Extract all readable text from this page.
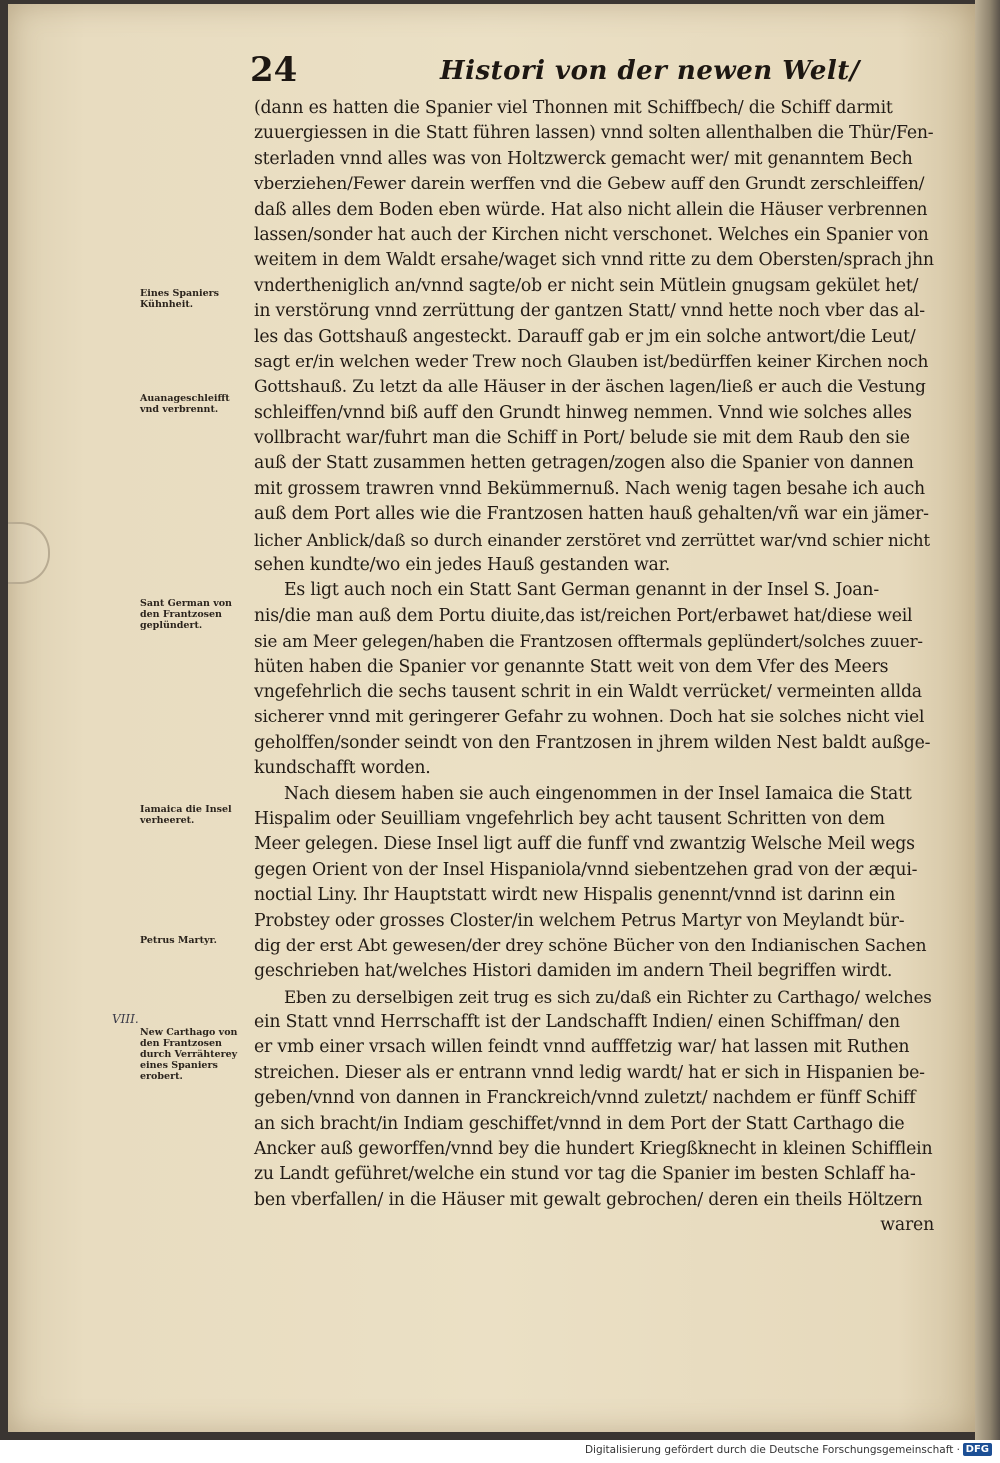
24	Histori von der newen Welt/
(dann es hatten die Spanier viel Thonnen mit Schiffbech/ die Schiff darmit
zuuergiessen in die Statt führen lassen) vnnd solten allenthalben die Thür/Fen-
sterladen vnnd alles was von Holtzwerck gemacht wer/ mit genanntem Bech
vberziehen/Fewer darein werffen vnd die Gebew auff den Grundt zerschleiffen/
daß alles dem Boden eben würde. Hat also nicht allein die Häuser verbrennen
lassen/sonder hat auch der Kirchen nicht verschonet. Welches ein Spanier von
weitem in dem Waldt ersahe/waget sich vnnd ritte zu dem Obersten/sprach jhn
vndertheniglich an/vnnd sagte/ob er nicht sein Mütlein gnugsam gekület het/
in verstörung vnnd zerrüttung der gantzen Statt/ vnnd hette noch vber das al-
les das Gottshauß angesteckt. Darauff gab er jm ein solche antwort/die Leut/
sagt er/in welchen weder Trew noch Glauben ist/bedürffen keiner Kirchen noch
Gottshauß. Zu letzt da alle Häuser in der äschen lagen/ließ er auch die Vestung
schleiffen/vnnd biß auff den Grundt hinweg nemmen. Vnnd wie solches alles
vollbracht war/fuhrt man die Schiff in Port/ belude sie mit dem Raub den sie
auß der Statt zusammen hetten getragen/zogen also die Spanier von dannen
mit grossem trawren vnnd Bekümmernuß. Nach wenig tagen besahe ich auch
auß dem Port alles wie die Frantzosen hatten hauß gehalten/vñ war ein jämer-
licher Anblick/daß so durch einander zerstöret vnd zerrüttet war/vnd schier nicht
sehen kundte/wo ein jedes Hauß gestanden war.
Es ligt auch noch ein Statt Sant German genannt in der Insel S. Joan-
nis/die man auß dem Portu diuite,das ist/reichen Port/erbawet hat/diese weil
sie am Meer gelegen/haben die Frantzosen offtermals geplündert/solches zuuer-
hüten haben die Spanier vor genannte Statt weit von dem Vfer des Meers
vngefehrlich die sechs tausent schrit in ein Waldt verrücket/ vermeinten allda
sicherer vnnd mit geringerer Gefahr zu wohnen. Doch hat sie solches nicht viel
geholffen/sonder seindt von den Frantzosen in jhrem wilden Nest baldt außge-
kundschafft worden.
Nach diesem haben sie auch eingenommen in der Insel Iamaica die Statt
Hispalim oder Seuilliam vngefehrlich bey acht tausent Schritten von dem
Meer gelegen. Diese Insel ligt auff die funff vnd zwantzig Welsche Meil wegs
gegen Orient von der Insel Hispaniola/vnnd siebentzehen grad von der æqui-
noctial Liny. Ihr Hauptstatt wirdt new Hispalis genennt/vnnd ist darinn ein
Probstey oder grosses Closter/in welchem Petrus Martyr von Meylandt bür-
dig der erst Abt gewesen/der drey schöne Bücher von den Indianischen Sachen
geschrieben hat/welches Histori damiden im andern Theil begriffen wirdt.
Eben zu derselbigen zeit trug es sich zu/daß ein Richter zu Carthago/ welches
ein Statt vnnd Herrschafft ist der Landschafft Indien/ einen Schiffman/ den
er vmb einer vrsach willen feindt vnnd aufffetzig war/ hat lassen mit Ruthen
streichen. Dieser als er entrann vnnd ledig wardt/ hat er sich in Hispanien be-
geben/vnnd von dannen in Franckreich/vnnd zuletzt/ nachdem er fünff Schiff
an sich bracht/in Indiam geschiffet/vnnd in dem Port der Statt Carthago die
Ancker auß geworffen/vnnd bey die hundert Kriegßknecht in kleinen Schifflein
zu Landt geführet/welche ein stund vor tag die Spanier im besten Schlaff ha-
ben vberfallen/ in die Häuser mit gewalt gebrochen/ deren ein theils Höltzern
waren
Eines Spaniers Kühnheit.
Auanageschleifft vnd verbrennt.
Sant German von den Frantzosen geplündert.
Iamaica die Insel verheeret.
Petrus Martyr.
New Carthago von den Frantzosen durch Verrähterey eines Spaniers erobert.
VIII.
Digitalisierung gefördert durch die Deutsche Forschungsgemeinschaft · DFG
